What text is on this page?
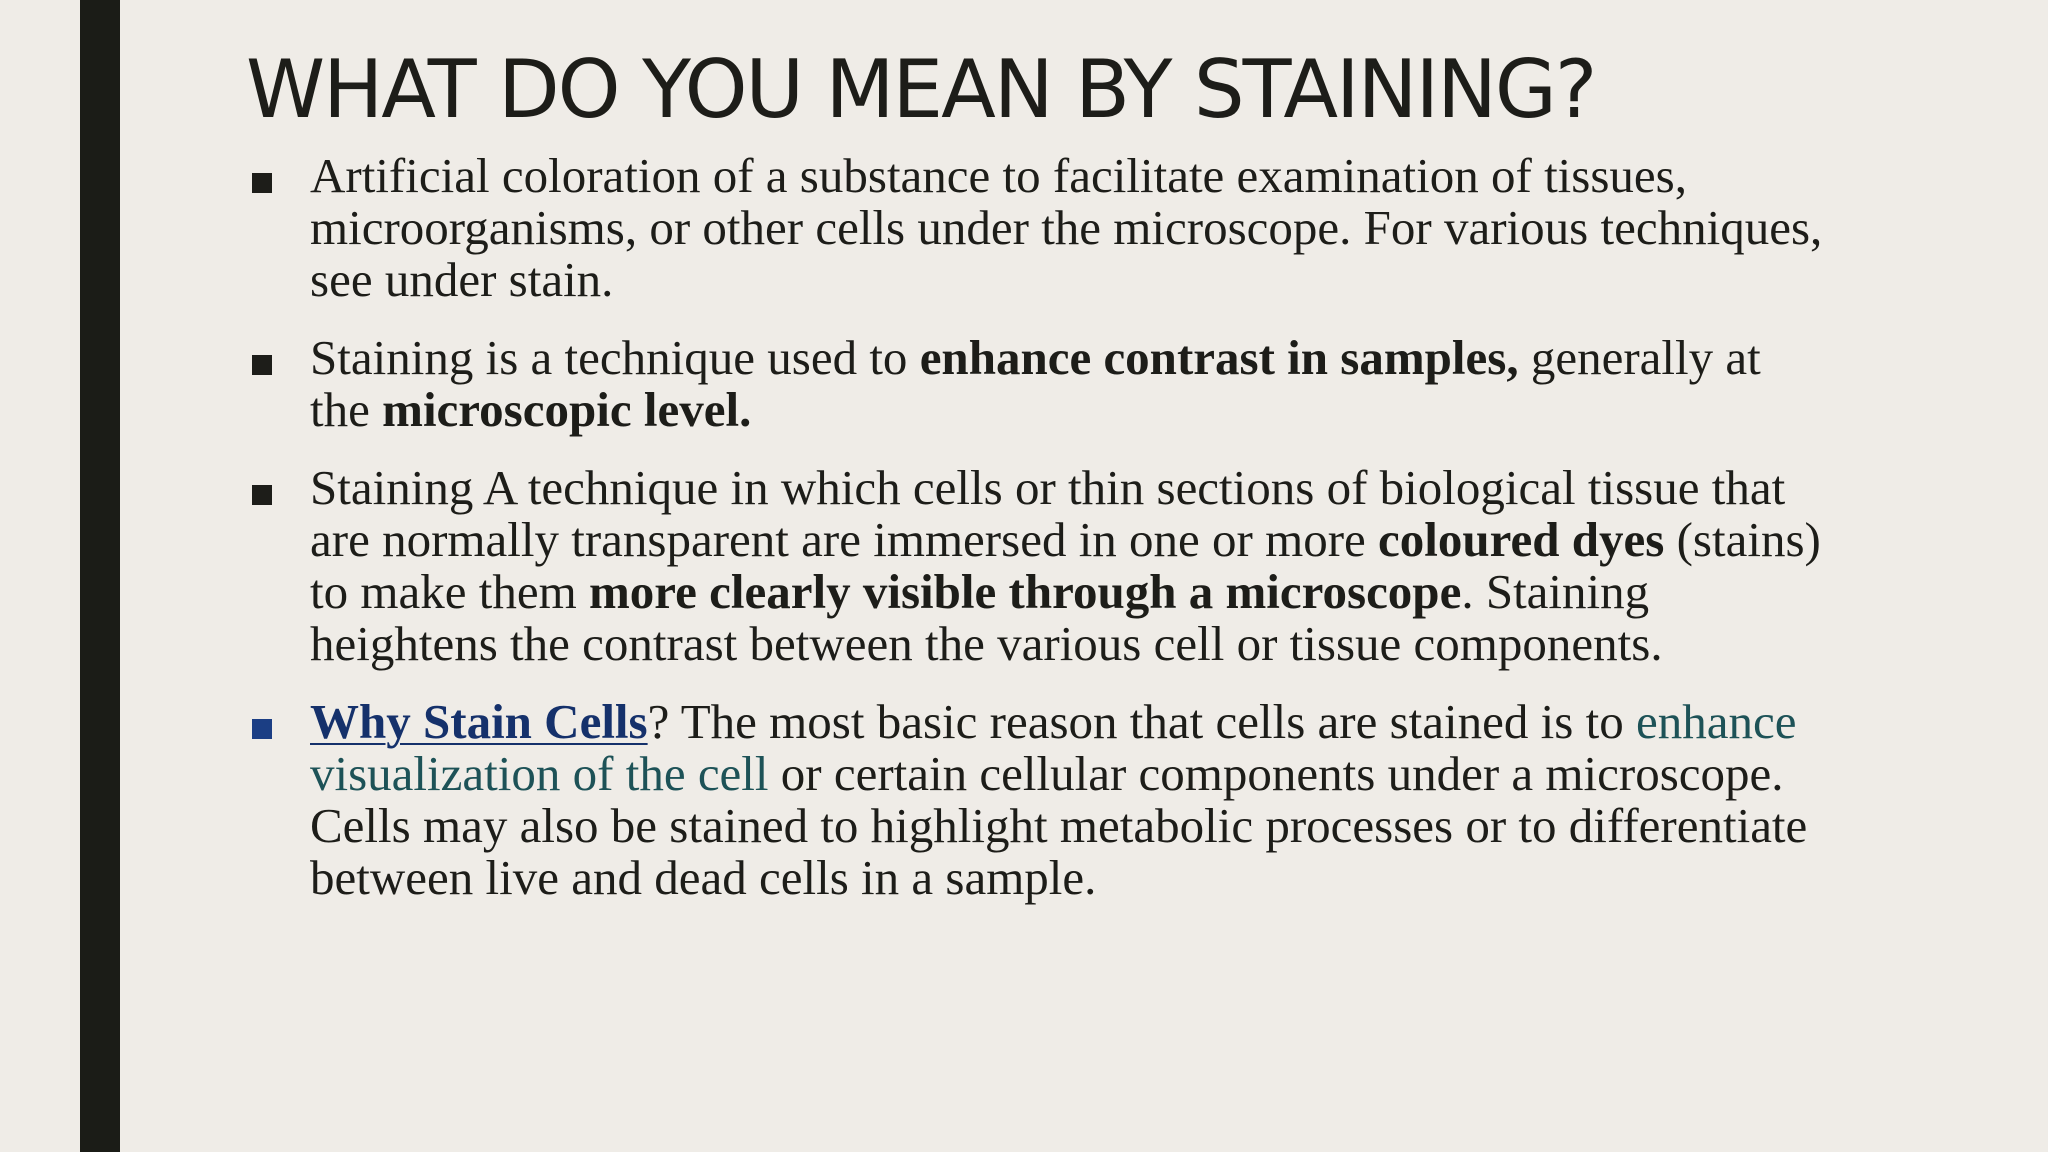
WHAT DO YOU MEAN BY STAINING?
Artificial coloration of a substance to facilitate examination of tissues, microorganisms, or other cells under the microscope. For various techniques, see under stain.
Staining is a technique used to enhance contrast in samples, generally at the microscopic level.
Staining A technique in which cells or thin sections of biological tissue that are normally transparent are immersed in one or more coloured dyes (stains) to make them more clearly visible through a microscope. Staining heightens the contrast between the various cell or tissue components.
Why Stain Cells? The most basic reason that cells are stained is to enhance visualization of the cell or certain cellular components under a microscope. Cells may also be stained to highlight metabolic processes or to differentiate between live and dead cells in a sample.
